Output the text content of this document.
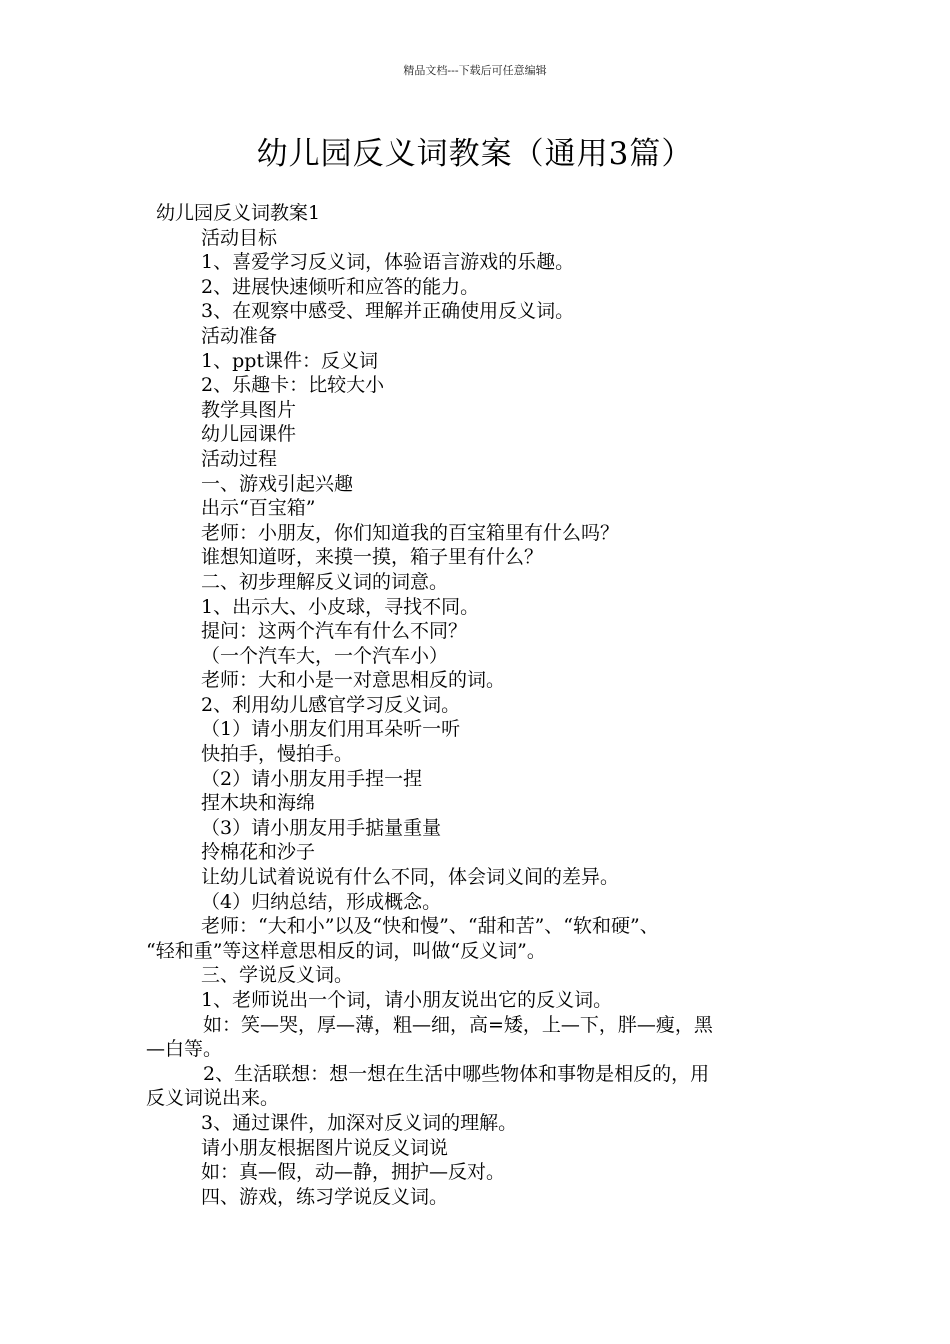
精品文档---下载后可任意编辑
幼儿园反义词教案（通用3篇）
幼儿园反义词教案1
活动目标
1、喜爱学习反义词，体验语言游戏的乐趣。
2、进展快速倾听和应答的能力。
3、在观察中感受、理解并正确使用反义词。
活动准备
1、ppt课件：反义词
2、乐趣卡：比较大小
教学具图片
幼儿园课件
活动过程
一、游戏引起兴趣
出示“百宝箱”
老师：小朋友，你们知道我的百宝箱里有什么吗？
谁想知道呀，来摸一摸，箱子里有什么？
二、初步理解反义词的词意。
1、出示大、小皮球，寻找不同。
提问：这两个汽车有什么不同？
（一个汽车大，一个汽车小）
老师：大和小是一对意思相反的词。
2、利用幼儿感官学习反义词。
（1）请小朋友们用耳朵听一听
快拍手，慢拍手。
（2）请小朋友用手捏一捏
捏木块和海绵
（3）请小朋友用手掂量重量
拎棉花和沙子
让幼儿试着说说有什么不同，体会词义间的差异。
（4）归纳总结，形成概念。
老师：“大和小”以及“快和慢”、“甜和苦”、“软和硬”、
“轻和重”等这样意思相反的词，叫做“反义词”。
三、学说反义词。
1、老师说出一个词，请小朋友说出它的反义词。
如：笑—哭，厚—薄，粗—细，高=矮，上—下，胖—瘦，黑
—白等。
2、生活联想：想一想在生活中哪些物体和事物是相反的，用
反义词说出来。
3、通过课件，加深对反义词的理解。
请小朋友根据图片说反义词说
如：真—假，动—静，拥护—反对。
四、游戏，练习学说反义词。
